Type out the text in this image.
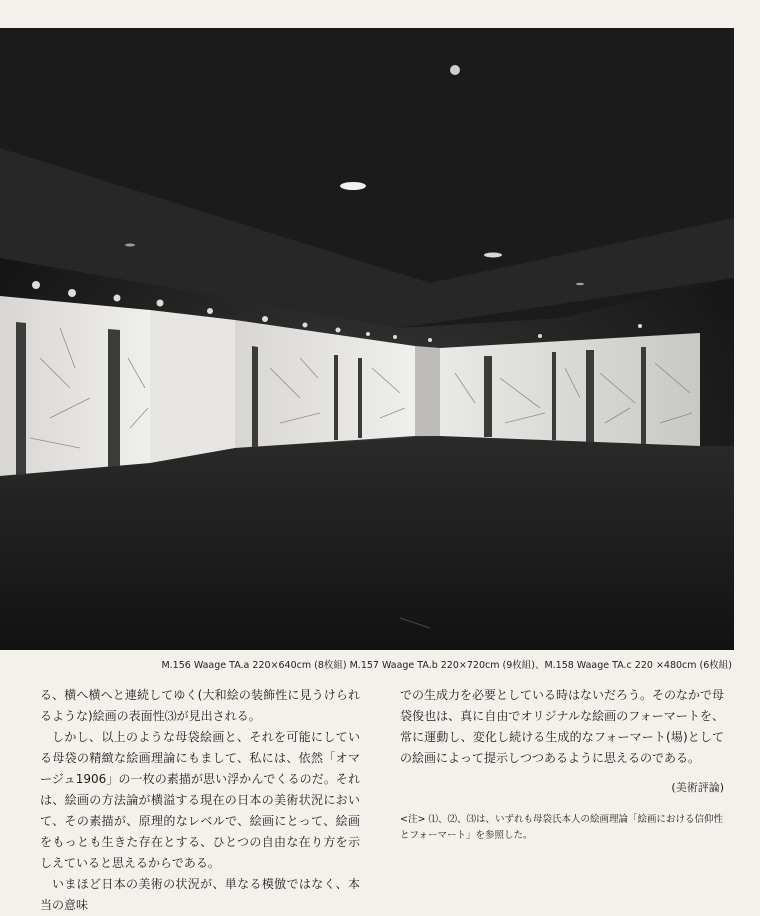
M.156 Waage TA.a 220×640cm (8枚組) M.157 Waage TA.b 220×720cm (9枚組)、M.158 Waage TA.c 220 ×480cm (6枚組)

る、横へ横へと連続してゆく(大和絵の装飾性に見うけられるような)絵画の表面性⑶が見出される。

しかし、以上のような母袋絵画と、それを可能にしている母袋の精緻な絵画理論にもまして、私には、依然「オマージュ1906」の一枚の素描が思い浮かんでくるのだ。それは、絵画の方法論が横溢する現在の日本の美術状況において、その素描が、原理的なレベルで、絵画にとって、絵画をもっとも生きた存在とする、ひとつの自由な在り方を示しえていると思えるからである。

いまほど日本の美術の状況が、単なる模倣ではなく、本当の意味

での生成力を必要としている時はないだろう。そのなかで母袋俊也は、真に自由でオリジナルな絵画のフォーマートを、常に運動し、変化し続ける生成的なフォーマート(場)としての絵画によって提示しつつあるように思えるのである。

(美術評論)

<注> ⑴、⑵、⑶は、いずれも母袋氏本人の絵画理論「絵画における信仰性とフォーマート」を参照した。
